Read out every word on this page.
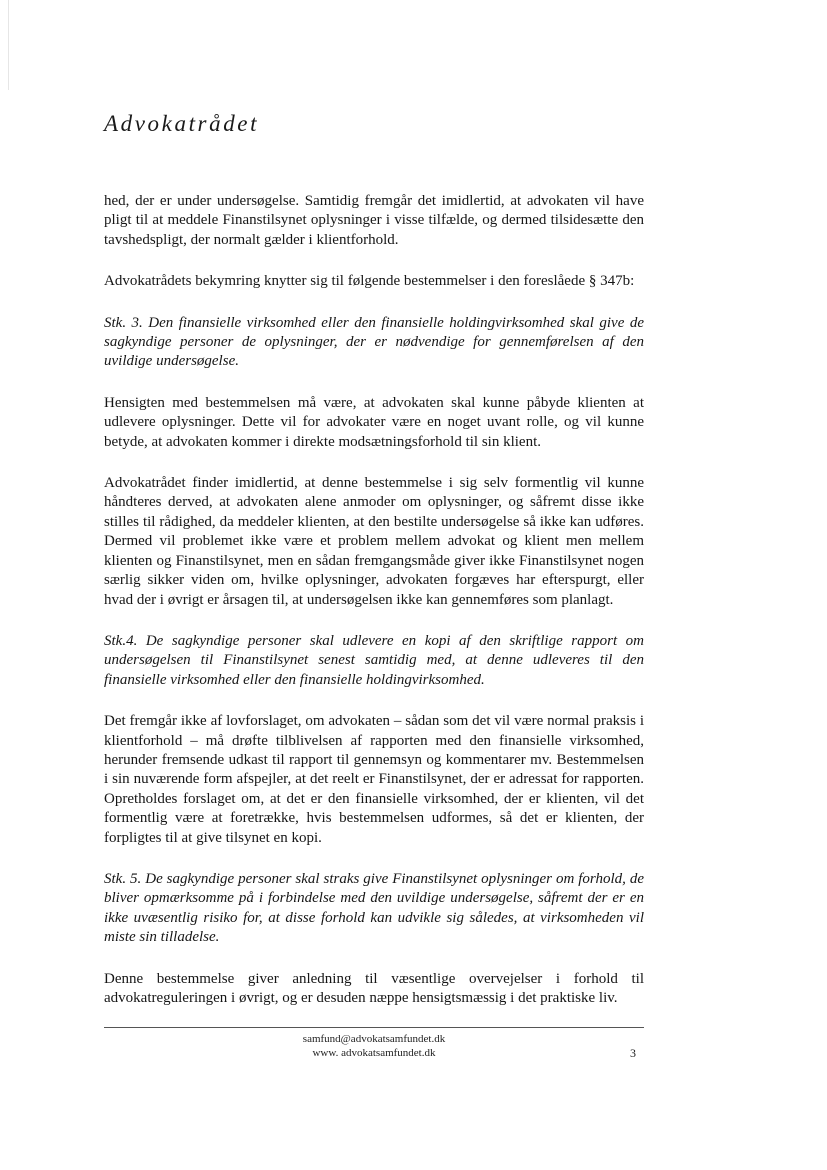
Advokatrådet

hed, der er under undersøgelse. Samtidig fremgår det imidlertid, at advokaten vil have pligt til at meddele Finanstilsynet oplysninger i visse tilfælde, og dermed tilsidesætte den tavshedspligt, der normalt gælder i klientforhold.

Advokatrådets bekymring knytter sig til følgende bestemmelser i den foreslåede § 347b:

Stk. 3. Den finansielle virksomhed eller den finansielle holdingvirksomhed skal give de sagkyndige personer de oplysninger, der er nødvendige for gennemførelsen af den uvildige undersøgelse.

Hensigten med bestemmelsen må være, at advokaten skal kunne påbyde klienten at udlevere oplysninger. Dette vil for advokater være en noget uvant rolle, og vil kunne betyde, at advokaten kommer i direkte modsætningsforhold til sin klient.

Advokatrådet finder imidlertid, at denne bestemmelse i sig selv formentlig vil kunne håndteres derved, at advokaten alene anmoder om oplysninger, og såfremt disse ikke stilles til rådighed, da meddeler klienten, at den bestilte undersøgelse så ikke kan udføres. Dermed vil problemet ikke være et problem mellem advokat og klient men mellem klienten og Finanstilsynet, men en sådan fremgangsmåde giver ikke Finanstilsynet nogen særlig sikker viden om, hvilke oplysninger, advokaten forgæves har efterspurgt, eller hvad der i øvrigt er årsagen til, at undersøgelsen ikke kan gennemføres som planlagt.

Stk.4. De sagkyndige personer skal udlevere en kopi af den skriftlige rapport om undersøgelsen til Finanstilsynet senest samtidig med, at denne udleveres til den finansielle virksomhed eller den finansielle holdingvirksomhed.

Det fremgår ikke af lovforslaget, om advokaten – sådan som det vil være normal praksis i klientforhold – må drøfte tilblivelsen af rapporten med den finansielle virksomhed, herunder fremsende udkast til rapport til gennemsyn og kommentarer mv. Bestemmelsen i sin nuværende form afspejler, at det reelt er Finanstilsynet, der er adressat for rapporten. Opretholdes forslaget om, at det er den finansielle virksomhed, der er klienten, vil det formentlig være at foretrække, hvis bestemmelsen udformes, så det er klienten, der forpligtes til at give tilsynet en kopi.

Stk. 5. De sagkyndige personer skal straks give Finanstilsynet oplysninger om forhold, de bliver opmærksomme på i forbindelse med den uvildige undersøgelse, såfremt der er en ikke uvæsentlig risiko for, at disse forhold kan udvikle sig således, at virksomheden vil miste sin tilladelse.

Denne bestemmelse giver anledning til væsentlige overvejelser i forhold til advokatreguleringen i øvrigt, og er desuden næppe hensigtsmæssig i det praktiske liv.

samfund@advokatsamfundet.dk
www. advokatsamfundet.dk	3
